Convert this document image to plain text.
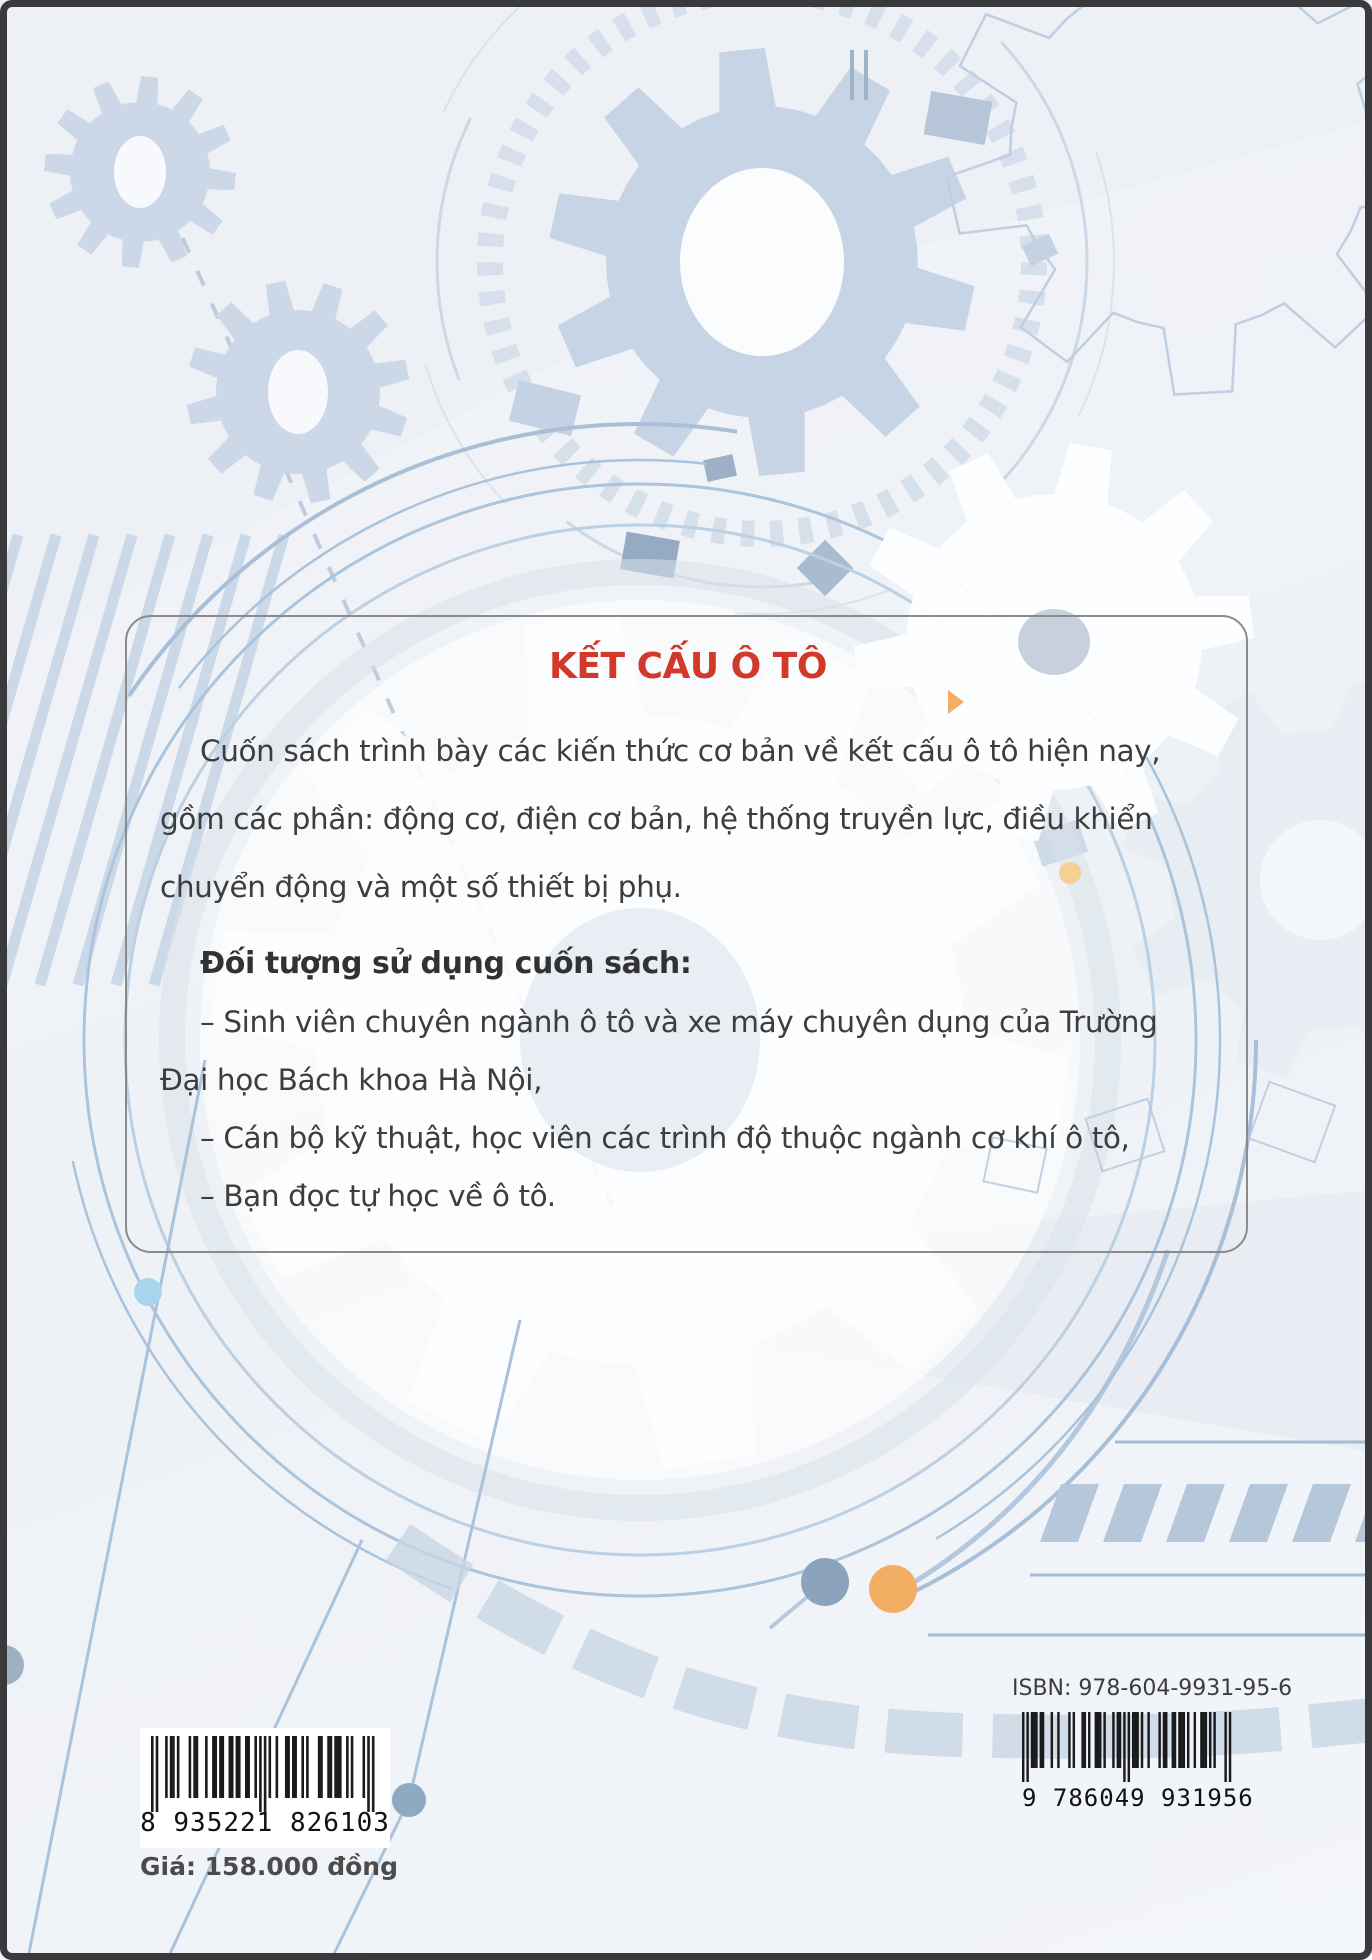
KẾT CẤU Ô TÔ
Cuốn sách trình bày các kiến thức cơ bản về kết cấu ô tô hiện nay,
gồm các phần: động cơ, điện cơ bản, hệ thống truyền lực, điều khiển
chuyển động và một số thiết bị phụ.
Đối tượng sử dụng cuốn sách:
– Sinh viên chuyên ngành ô tô và xe máy chuyên dụng của Trường
Đại học Bách khoa Hà Nội,
– Cán bộ kỹ thuật, học viên các trình độ thuộc ngành cơ khí ô tô,
– Bạn đọc tự học về ô tô.
8 935221 826103
Giá: 158.000 đồng
ISBN: 978-604-9931-95-6
9 786049 931956
